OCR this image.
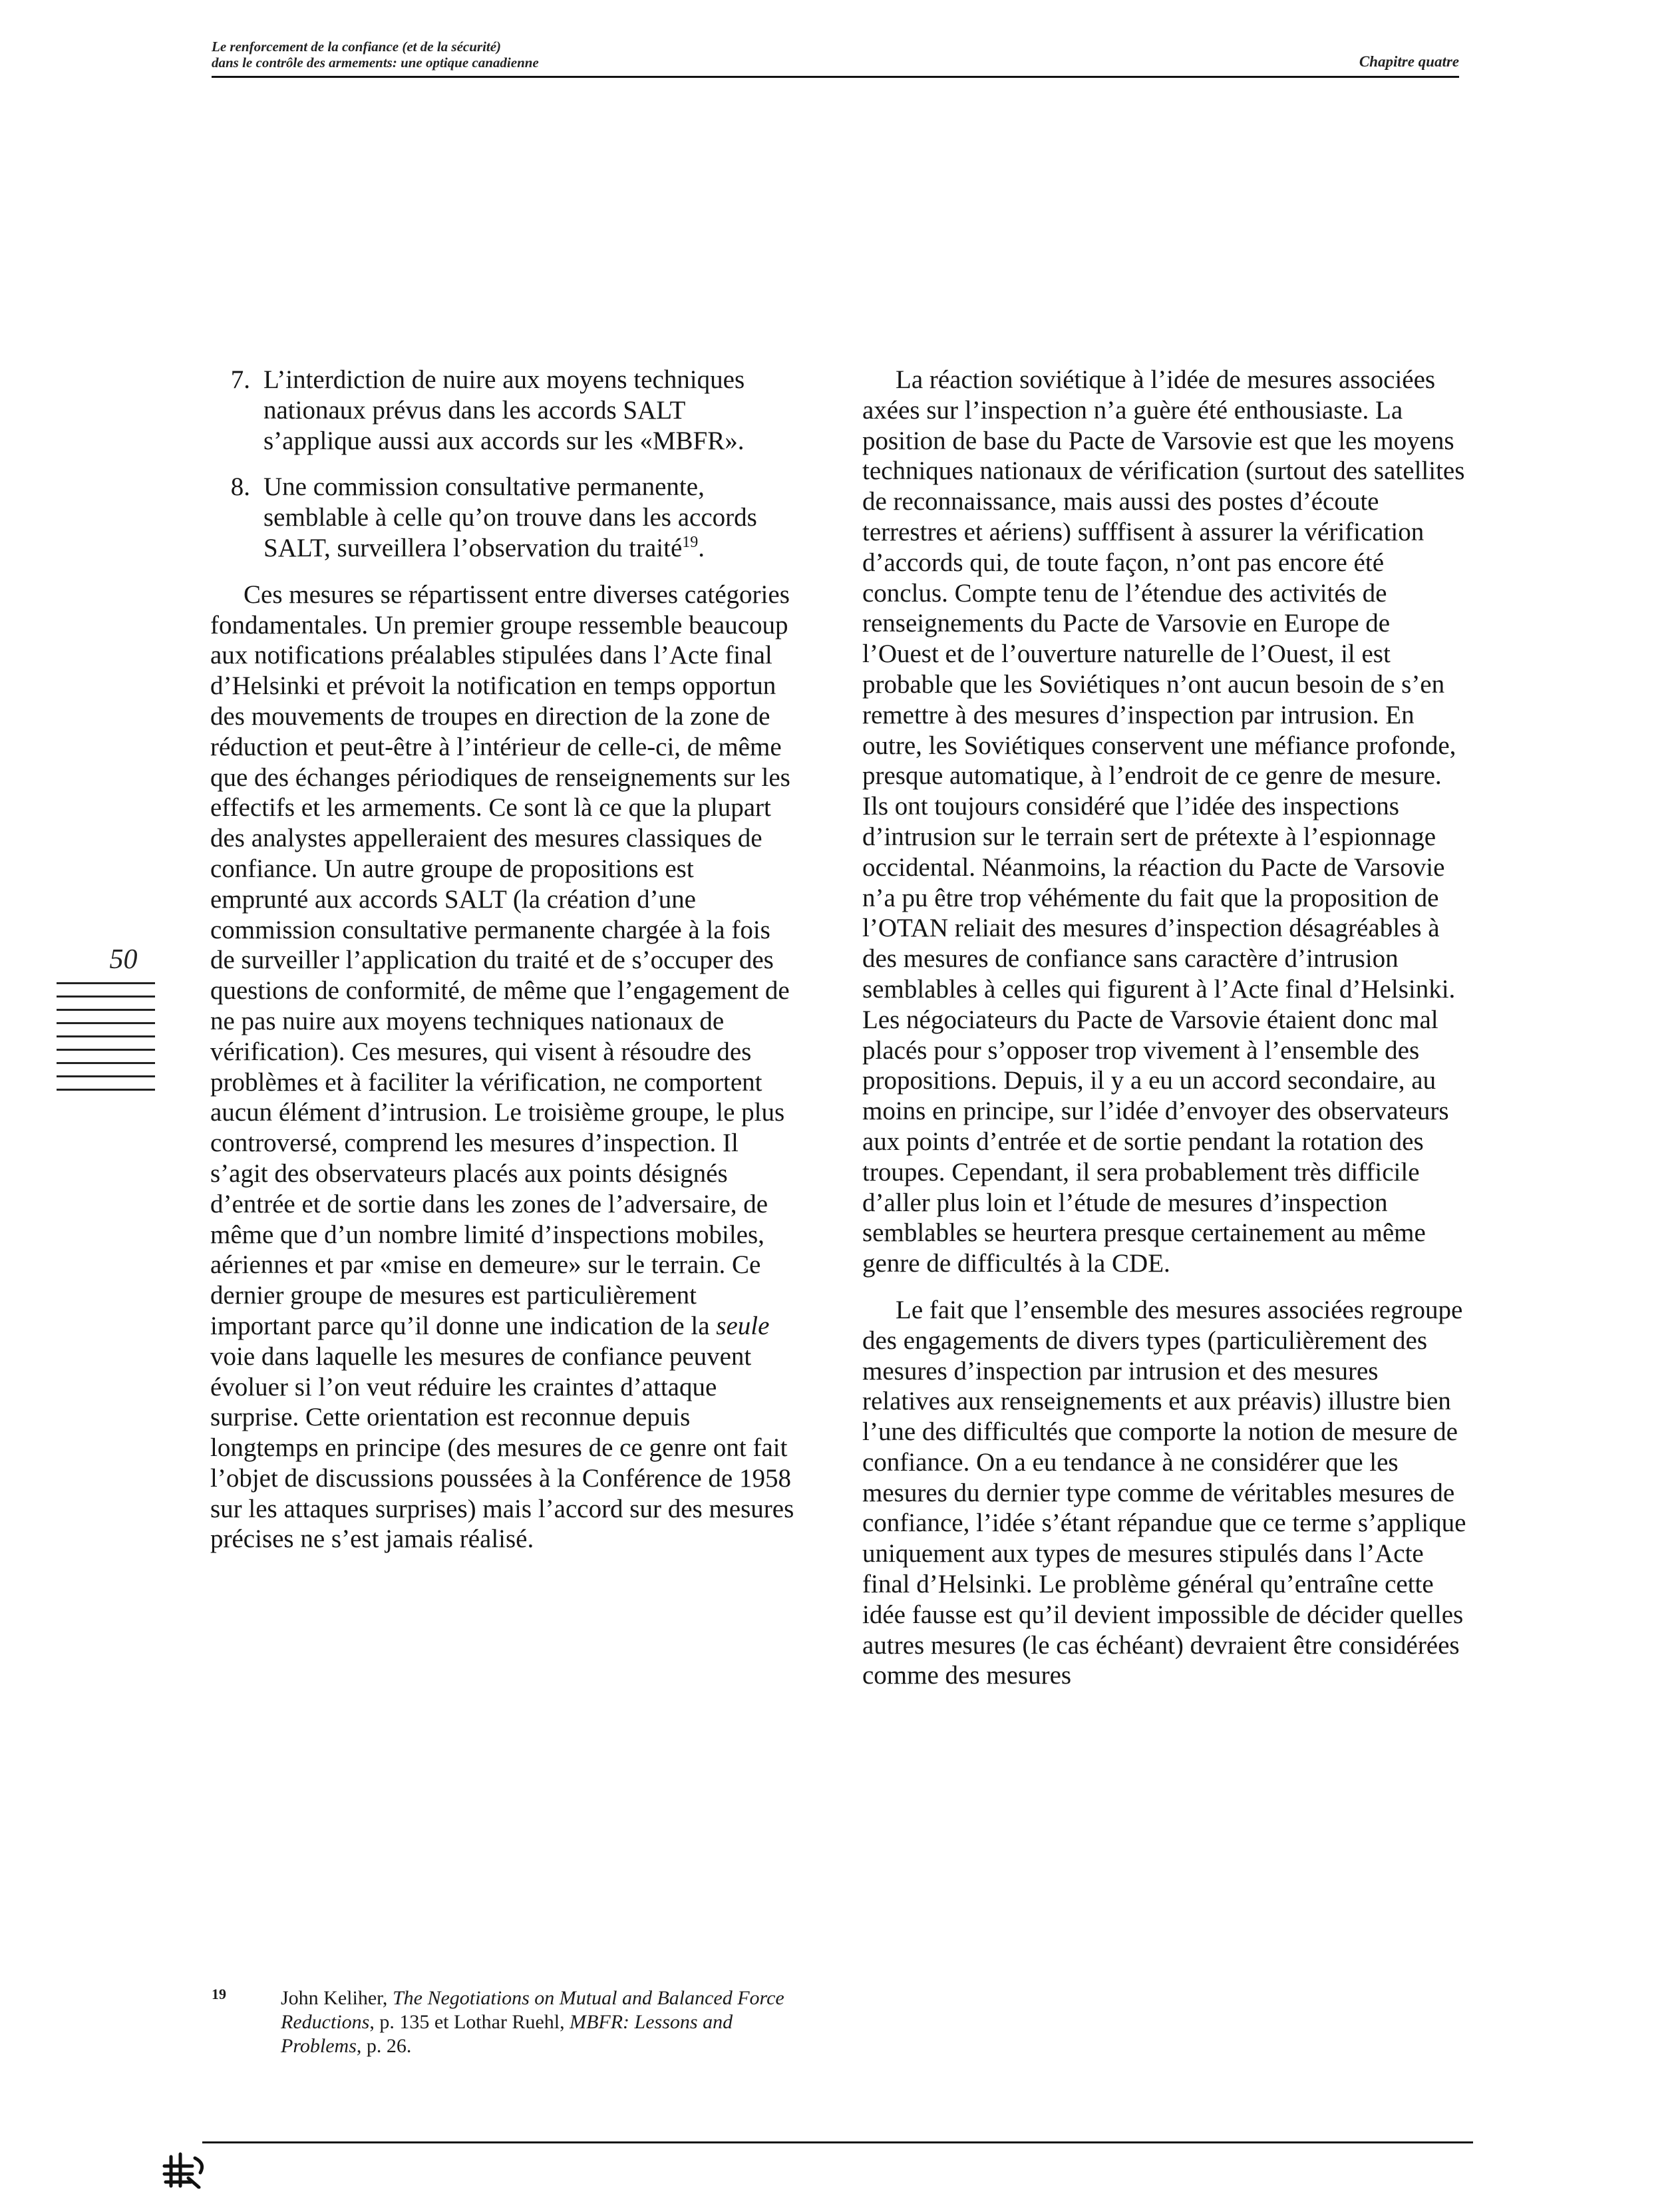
Le renforcement de la confiance (et de la sécurité)
dans le contrôle des armements: une optique canadienne	Chapitre quatre
7. L’interdiction de nuire aux moyens techniques nationaux prévus dans les accords SALT s’applique aussi aux accords sur les «MBFR».
8. Une commission consultative permanente, semblable à celle qu’on trouve dans les accords SALT, surveillera l’observation du traité$^{19}$.

Ces mesures se répartissent entre diverses catégories fondamentales. Un premier groupe ressemble beaucoup aux notifications préalables stipulées dans l’Acte final d’Helsinki et prévoit la notification en temps opportun des mouvements de troupes en direction de la zone de réduction et peut-être à l’intérieur de celle-ci, de même que des échanges périodiques de renseignements sur les effectifs et les armements. Ce sont là ce que la plupart des analystes appelleraient des mesures classiques de confiance. Un autre groupe de propositions est emprunté aux accords SALT (la création d’une commission consultative permanente chargée à la fois de surveiller l’application du traité et de s’occuper des questions de conformité, de même que l’engagement de ne pas nuire aux moyens techniques nationaux de vérification). Ces mesures, qui visent à résoudre des problèmes et à faciliter la vérification, ne comportent aucun élément d’intrusion. Le troisième groupe, le plus controversé, comprend les mesures d’inspection. Il s’agit des observateurs placés aux points désignés d’entrée et de sortie dans les zones de l’adversaire, de même que d’un nombre limité d’inspections mobiles, aériennes et par «mise en demeure» sur le terrain. Ce dernier groupe de mesures est particulièrement important parce qu’il donne une indication de la seule voie dans laquelle les mesures de confiance peuvent évoluer si l’on veut réduire les craintes d’attaque surprise. Cette orientation est reconnue depuis longtemps en principe (des mesures de ce genre ont fait l’objet de discussions poussées à la Conférence de 1958 sur les attaques surprises) mais l’accord sur des mesures précises ne s’est jamais réalisé.

La réaction soviétique à l’idée de mesures associées axées sur l’inspection n’a guère été enthousiaste. La position de base du Pacte de Varsovie est que les moyens techniques nationaux de vérification (surtout des satellites de reconnaissance, mais aussi des postes d’écoute terrestres et aériens) sufffisent à assurer la vérification d’accords qui, de toute façon, n’ont pas encore été conclus. Compte tenu de l’étendue des activités de renseignements du Pacte de Varsovie en Europe de l’Ouest et de l’ouverture naturelle de l’Ouest, il est probable que les Soviétiques n’ont aucun besoin de s’en remettre à des mesures d’inspection par intrusion. En outre, les Soviétiques conservent une méfiance profonde, presque automatique, à l’endroit de ce genre de mesure. Ils ont toujours considéré que l’idée des inspections d’intrusion sur le terrain sert de prétexte à l’espionnage occidental. Néanmoins, la réaction du Pacte de Varsovie n’a pu être trop véhémente du fait que la proposition de l’OTAN reliait des mesures d’inspection désagréables à des mesures de confiance sans caractère d’intrusion semblables à celles qui figurent à l’Acte final d’Helsinki. Les négociateurs du Pacte de Varsovie étaient donc mal placés pour s’opposer trop vivement à l’ensemble des propositions. Depuis, il y a eu un accord secondaire, au moins en principe, sur l’idée d’envoyer des observateurs aux points d’entrée et de sortie pendant la rotation des troupes. Cependant, il sera probablement très difficile d’aller plus loin et l’étude de mesures d’inspection semblables se heurtera presque certainement au même genre de difficultés à la CDE.

Le fait que l’ensemble des mesures associées regroupe des engagements de divers types (particulièrement des mesures d’inspection par intrusion et des mesures relatives aux renseignements et aux préavis) illustre bien l’une des difficultés que comporte la notion de mesure de confiance. On a eu tendance à ne considérer que les mesures du dernier type comme de véritables mesures de confiance, l’idée s’étant répandue que ce terme s’applique uniquement aux types de mesures stipulés dans l’Acte final d’Helsinki. Le problème général qu’entraîne cette idée fausse est qu’il devient impossible de décider quelles autres mesures (le cas échéant) devraient être considérées comme des mesures

50
19	John Keliher, The Negotiations on Mutual and Balanced Force Reductions, p. 135 et Lothar Ruehl, MBFR: Lessons and Problems, p. 26.
